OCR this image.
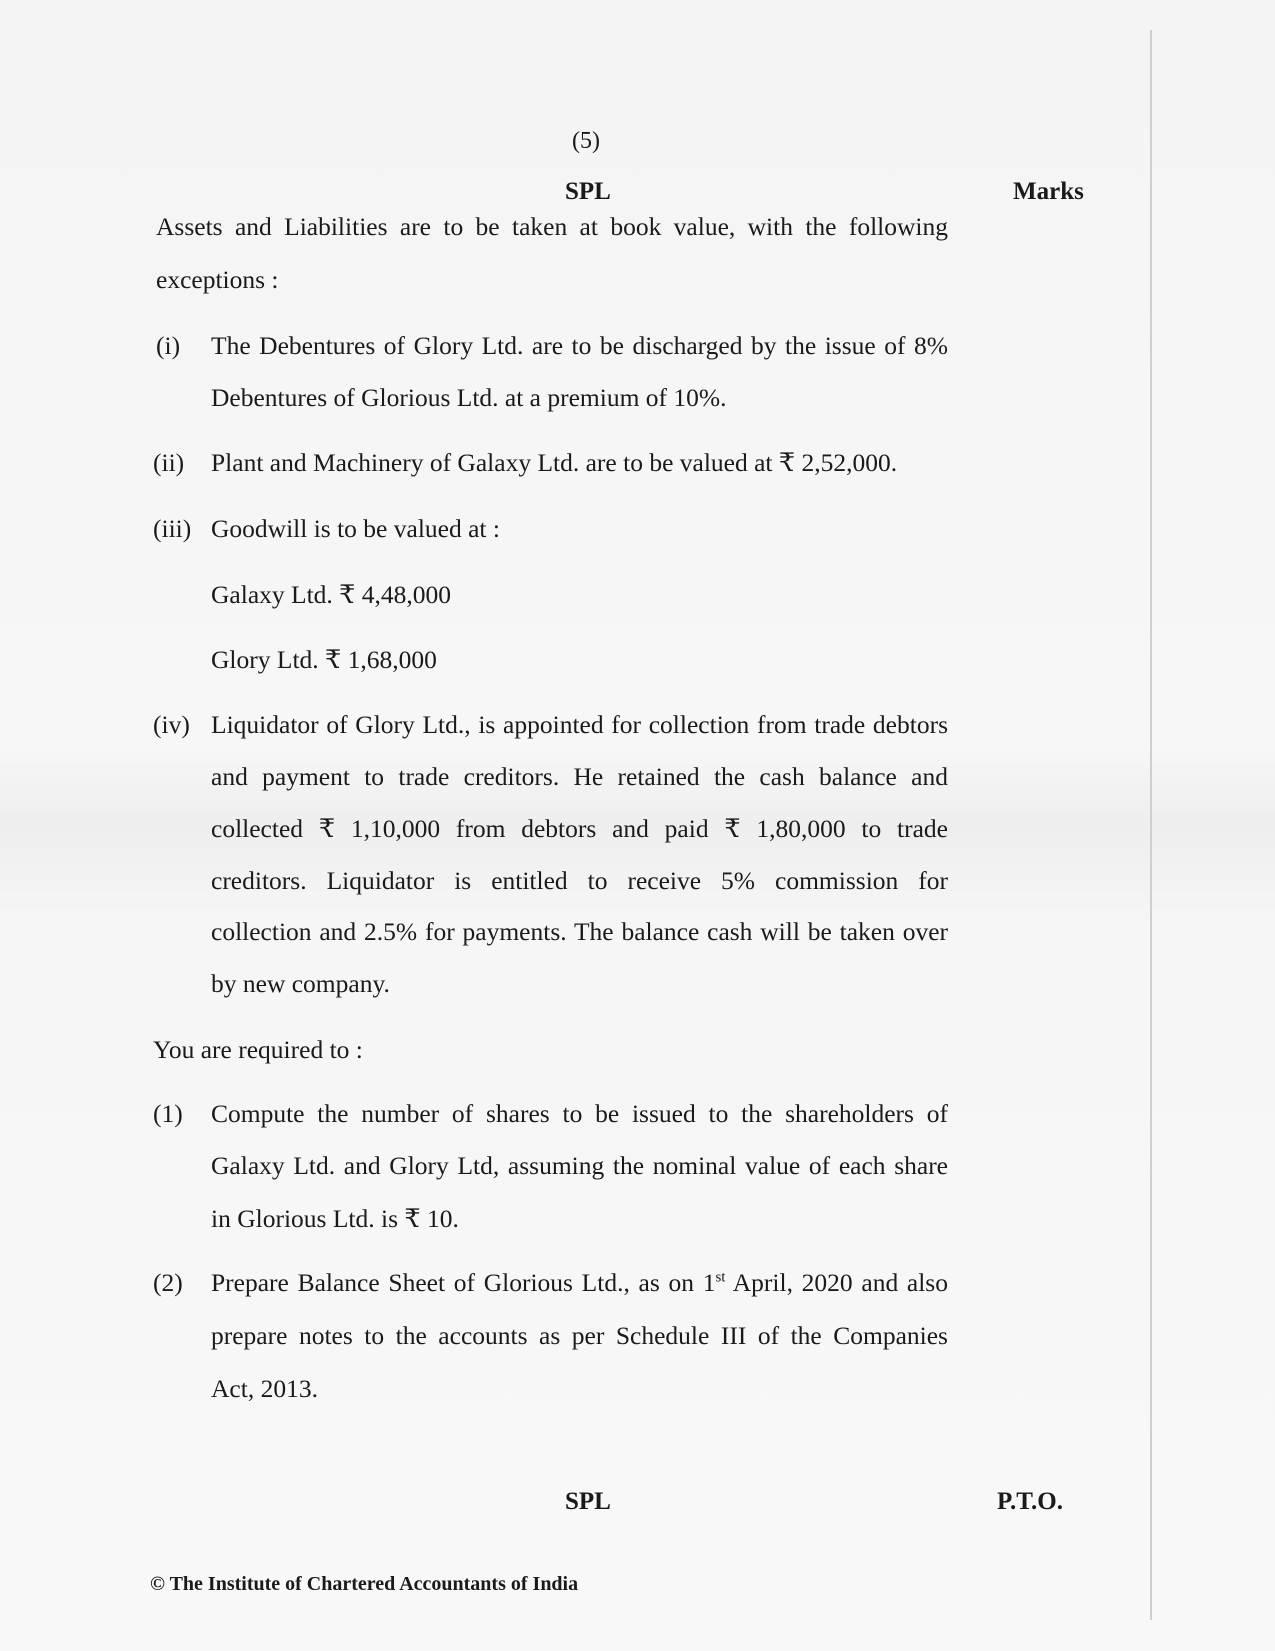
(5)
SPL	Marks
Assets and Liabilities are to be taken at book value, with the following
exceptions :
(i) The Debentures of Glory Ltd. are to be discharged by the issue of 8%
Debentures of Glorious Ltd. at a premium of 10%.
(ii) Plant and Machinery of Galaxy Ltd. are to be valued at ₹ 2,52,000.
(iii) Goodwill is to be valued at :
Galaxy Ltd. ₹ 4,48,000
Glory Ltd. ₹ 1,68,000
(iv) Liquidator of Glory Ltd., is appointed for collection from trade debtors
and payment to trade creditors. He retained the cash balance and
collected ₹ 1,10,000 from debtors and paid ₹ 1,80,000 to trade
creditors. Liquidator is entitled to receive 5% commission for
collection and 2.5% for payments. The balance cash will be taken over
by new company.
You are required to :
(1) Compute the number of shares to be issued to the shareholders of
Galaxy Ltd. and Glory Ltd, assuming the nominal value of each share
in Glorious Ltd. is ₹ 10.
(2) Prepare Balance Sheet of Glorious Ltd., as on 1st April, 2020 and also
prepare notes to the accounts as per Schedule III of the Companies
Act, 2013.
SPL	P.T.O.
© The Institute of Chartered Accountants of India
